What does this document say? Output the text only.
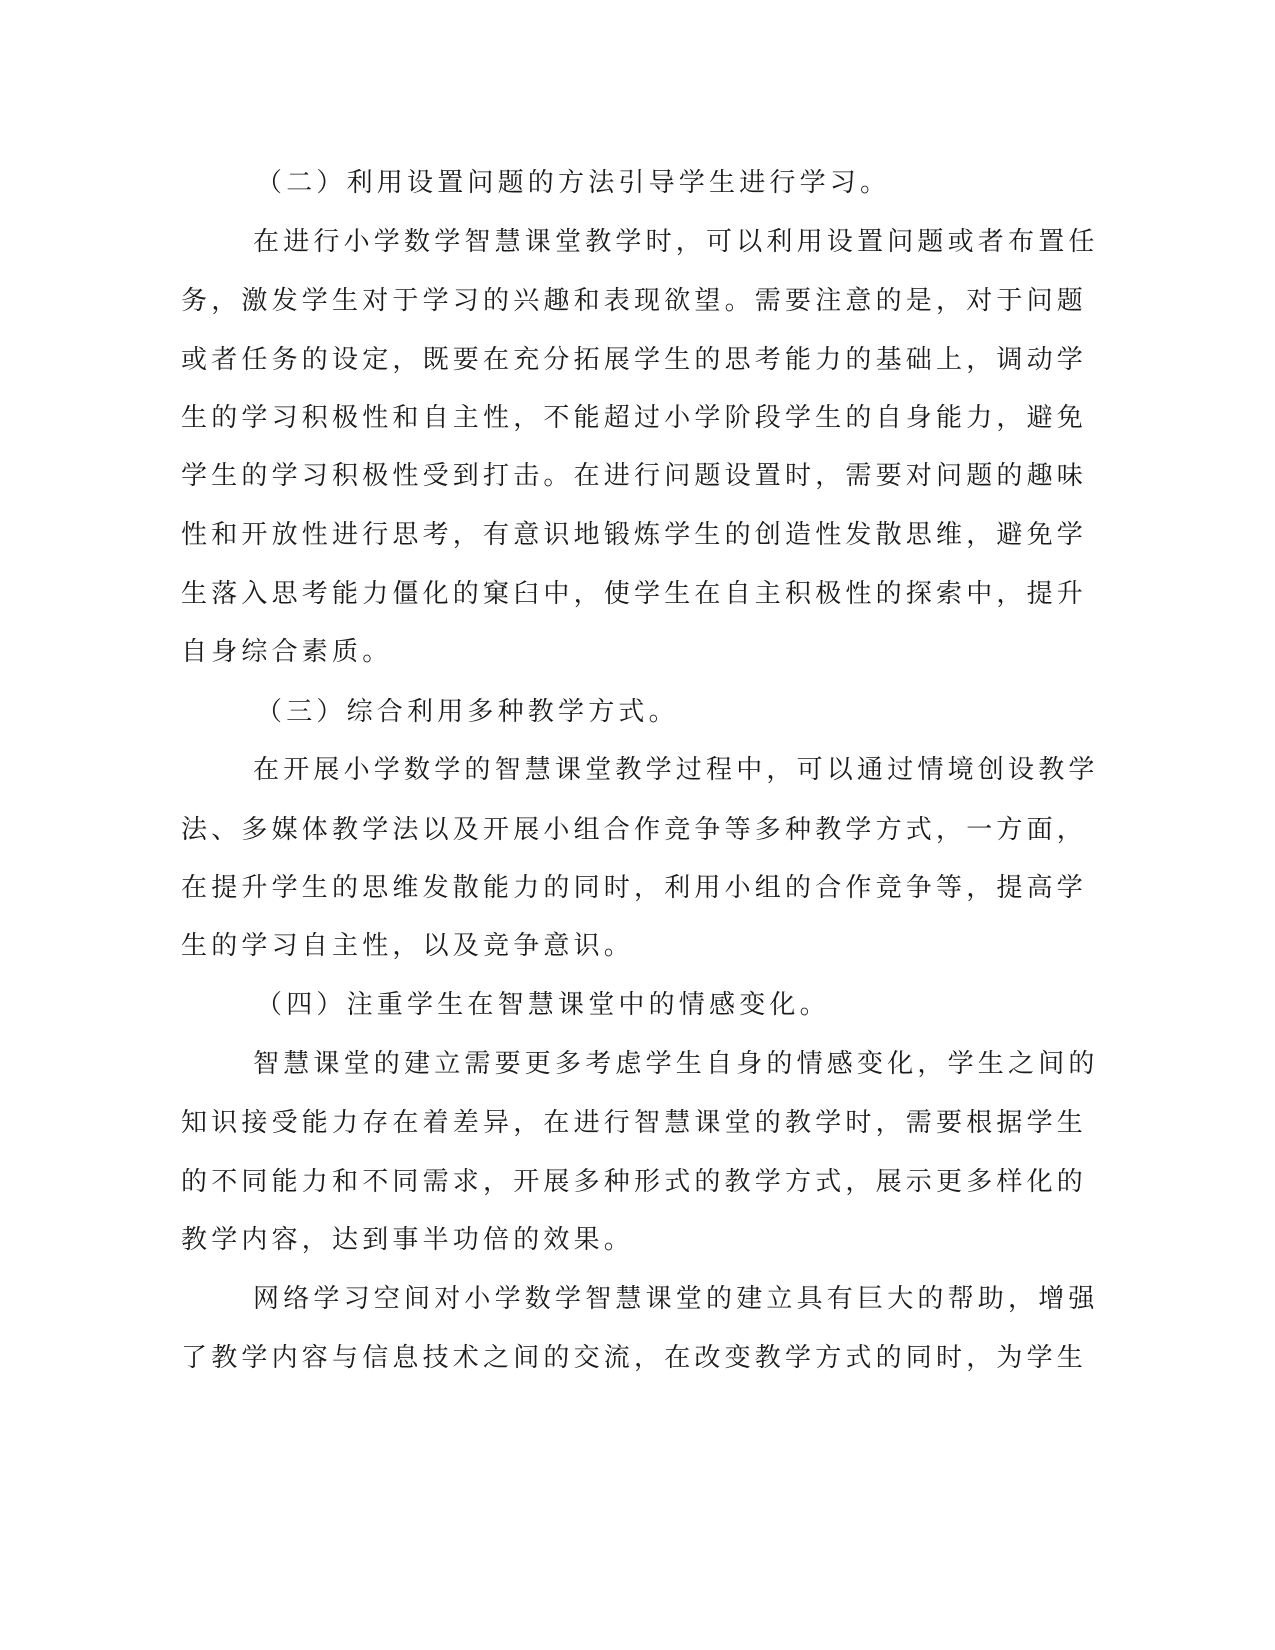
（二）利用设置问题的方法引导学生进行学习。
在进行小学数学智慧课堂教学时，可以利用设置问题或者布置任
务，激发学生对于学习的兴趣和表现欲望。需要注意的是，对于问题
或者任务的设定，既要在充分拓展学生的思考能力的基础上，调动学
生的学习积极性和自主性，不能超过小学阶段学生的自身能力，避免
学生的学习积极性受到打击。在进行问题设置时，需要对问题的趣味
性和开放性进行思考，有意识地锻炼学生的创造性发散思维，避免学
生落入思考能力僵化的窠臼中，使学生在自主积极性的探索中，提升
自身综合素质。
（三）综合利用多种教学方式。
在开展小学数学的智慧课堂教学过程中，可以通过情境创设教学
法、多媒体教学法以及开展小组合作竞争等多种教学方式，一方面，
在提升学生的思维发散能力的同时，利用小组的合作竞争等，提高学
生的学习自主性，以及竞争意识。
（四）注重学生在智慧课堂中的情感变化。
智慧课堂的建立需要更多考虑学生自身的情感变化，学生之间的
知识接受能力存在着差异，在进行智慧课堂的教学时，需要根据学生
的不同能力和不同需求，开展多种形式的教学方式，展示更多样化的
教学内容，达到事半功倍的效果。
网络学习空间对小学数学智慧课堂的建立具有巨大的帮助，增强
了教学内容与信息技术之间的交流，在改变教学方式的同时，为学生
